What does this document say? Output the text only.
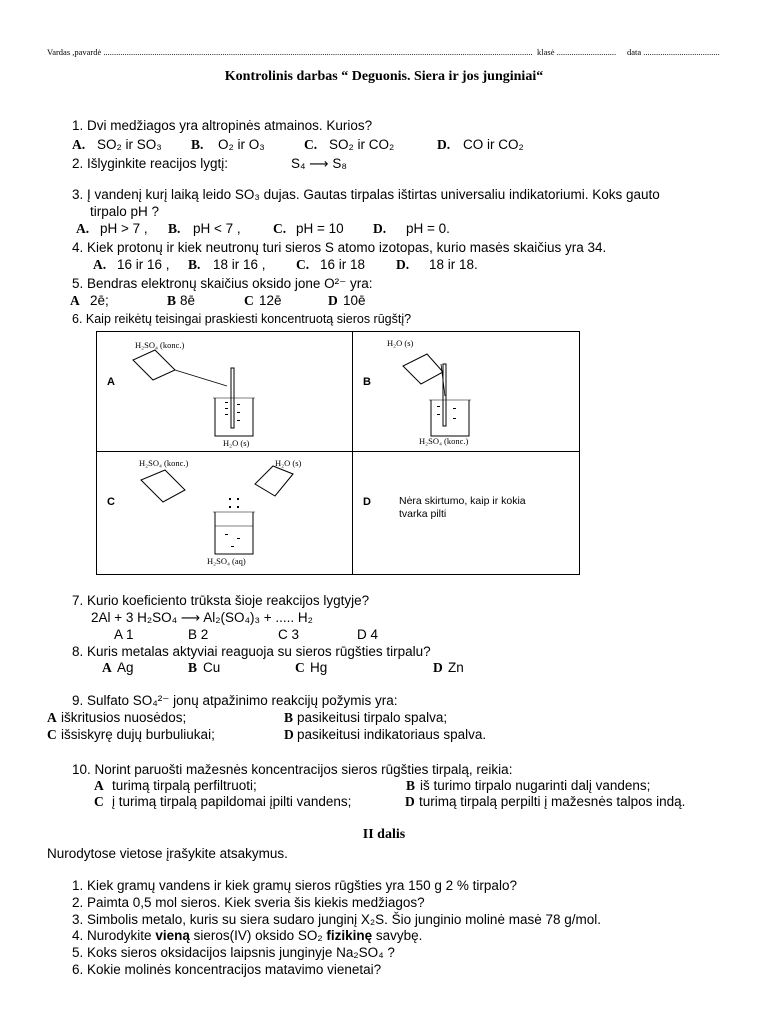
Vardas ,pavardė .......................................................................................................................................................................................................... klasė ............................ data ....................................
Kontrolinis darbas “ Deguonis. Siera ir jos junginiai“
1. Dvi medžiagos yra altropinės atmainos. Kurios?
A. SO₂ ir SO₃ B. O₂ ir O₃	C. SO₂ ir CO₂	D. CO ir CO₂
2. Išlyginkite reacijos lygtį:	S₄ ⟶ S₈
3. Į vandenį kurį laiką leido SO₃ dujas. Gautas tirpalas ištirtas universaliu indikatoriumi. Koks gauto
tirpalo pH ?
A. pH > 7 , B. pH < 7 , C. pH = 10 D. pH = 0.
4. Kiek protonų ir kiek neutronų turi sieros S atomo izotopas, kurio masės skaičius yra 34.
A. 16 ir 16 , B. 18 ir 16 , C. 16 ir 18 D. 18 ir 18.
5. Bendras elektronų skaičius oksido jone O²⁻ yra:
A 2ē;	B 8ē	C 12ē	D 10ē
6. Kaip reikėtų teisingai praskiesti koncentruotą sieros rūgštį?
A
H₂SO₄ (konc.)
H₂O (s)
B
H₂O (s)
H₂SO₄ (konc.)
C
H₂SO₄ (konc.)	H₂O (s)
H₂SO₄ (aq)
D	Nėra skirtumo, kaip ir kokia
tvarka pilti
7. Kurio koeficiento trūksta šioje reakcijos lygtyje?
2Al + 3 H₂SO₄ ⟶ Al₂(SO₄)₃ + ..... H₂
A 1	B 2	C 3	D 4
8. Kuris metalas aktyviai reaguoja su sieros rūgšties tirpalu?
A Ag	B Cu	C Hg	D Zn
9. Sulfato SO₄²⁻ jonų atpažinimo reakcijų požymis yra:
A iškritusios nuosėdos;	B pasikeitusi tirpalo spalva;
C išsiskyrę dujų burbuliukai;	D pasikeitusi indikatoriaus spalva.
10. Norint paruošti mažesnės koncentracijos sieros rūgšties tirpalą, reikia:
A turimą tirpalą perfiltruoti;	B iš turimo tirpalo nugarinti dalį vandens;
C į turimą tirpalą papildomai įpilti vandens;	D turimą tirpalą perpilti į mažesnės talpos indą.
II dalis
Nurodytose vietose įrašykite atsakymus.
1. Kiek gramų vandens ir kiek gramų sieros rūgšties yra 150 g 2 % tirpalo?
2. Paimta 0,5 mol sieros. Kiek sveria šis kiekis medžiagos?
3. Simbolis metalo, kuris su siera sudaro junginį X₂S. Šio junginio molinė masė 78 g/mol.
4. Nurodykite vieną sieros(IV) oksido SO₂ fizikinę savybę.
5. Koks sieros oksidacijos laipsnis junginyje Na₂SO₄ ?
6. Kokie molinės koncentracijos matavimo vienetai?
